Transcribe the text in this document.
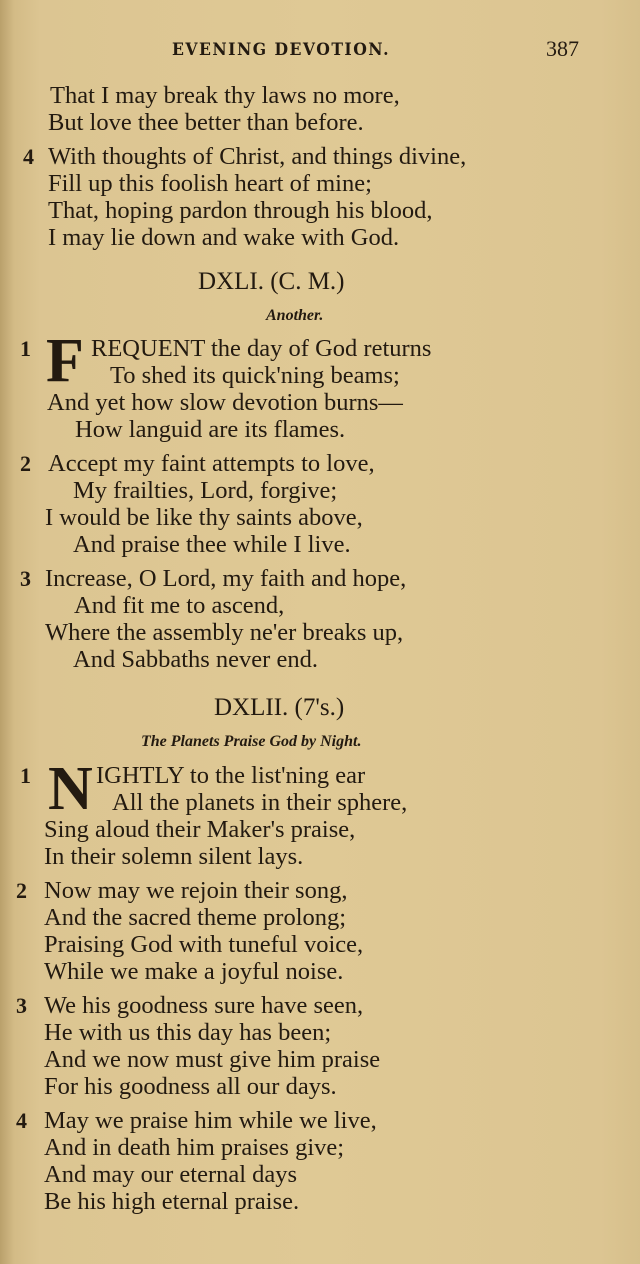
EVENING DEVOTION.	387
That I may break thy laws no more,
But love thee better than before.
4 With thoughts of Christ, and things divine,
Fill up this foolish heart of mine;
That, hoping pardon through his blood,
I may lie down and wake with God.
DXLI. (C. M.)
Another.
1 F REQUENT the day of God returns
To shed its quick'ning beams;
And yet how slow devotion burns—
How languid are its flames.
2 Accept my faint attempts to love,
My frailties, Lord, forgive;
I would be like thy saints above,
And praise thee while I live.
3 Increase, O Lord, my faith and hope,
And fit me to ascend,
Where the assembly ne'er breaks up,
And Sabbaths never end.
DXLII. (7's.)
The Planets Praise God by Night.
1 N IGHTLY to the list'ning ear
All the planets in their sphere,
Sing aloud their Maker's praise,
In their solemn silent lays.
2 Now may we rejoin their song,
And the sacred theme prolong;
Praising God with tuneful voice,
While we make a joyful noise.
3 We his goodness sure have seen,
He with us this day has been;
And we now must give him praise
For his goodness all our days.
4 May we praise him while we live,
And in death him praises give;
And may our eternal days
Be his high eternal praise.
